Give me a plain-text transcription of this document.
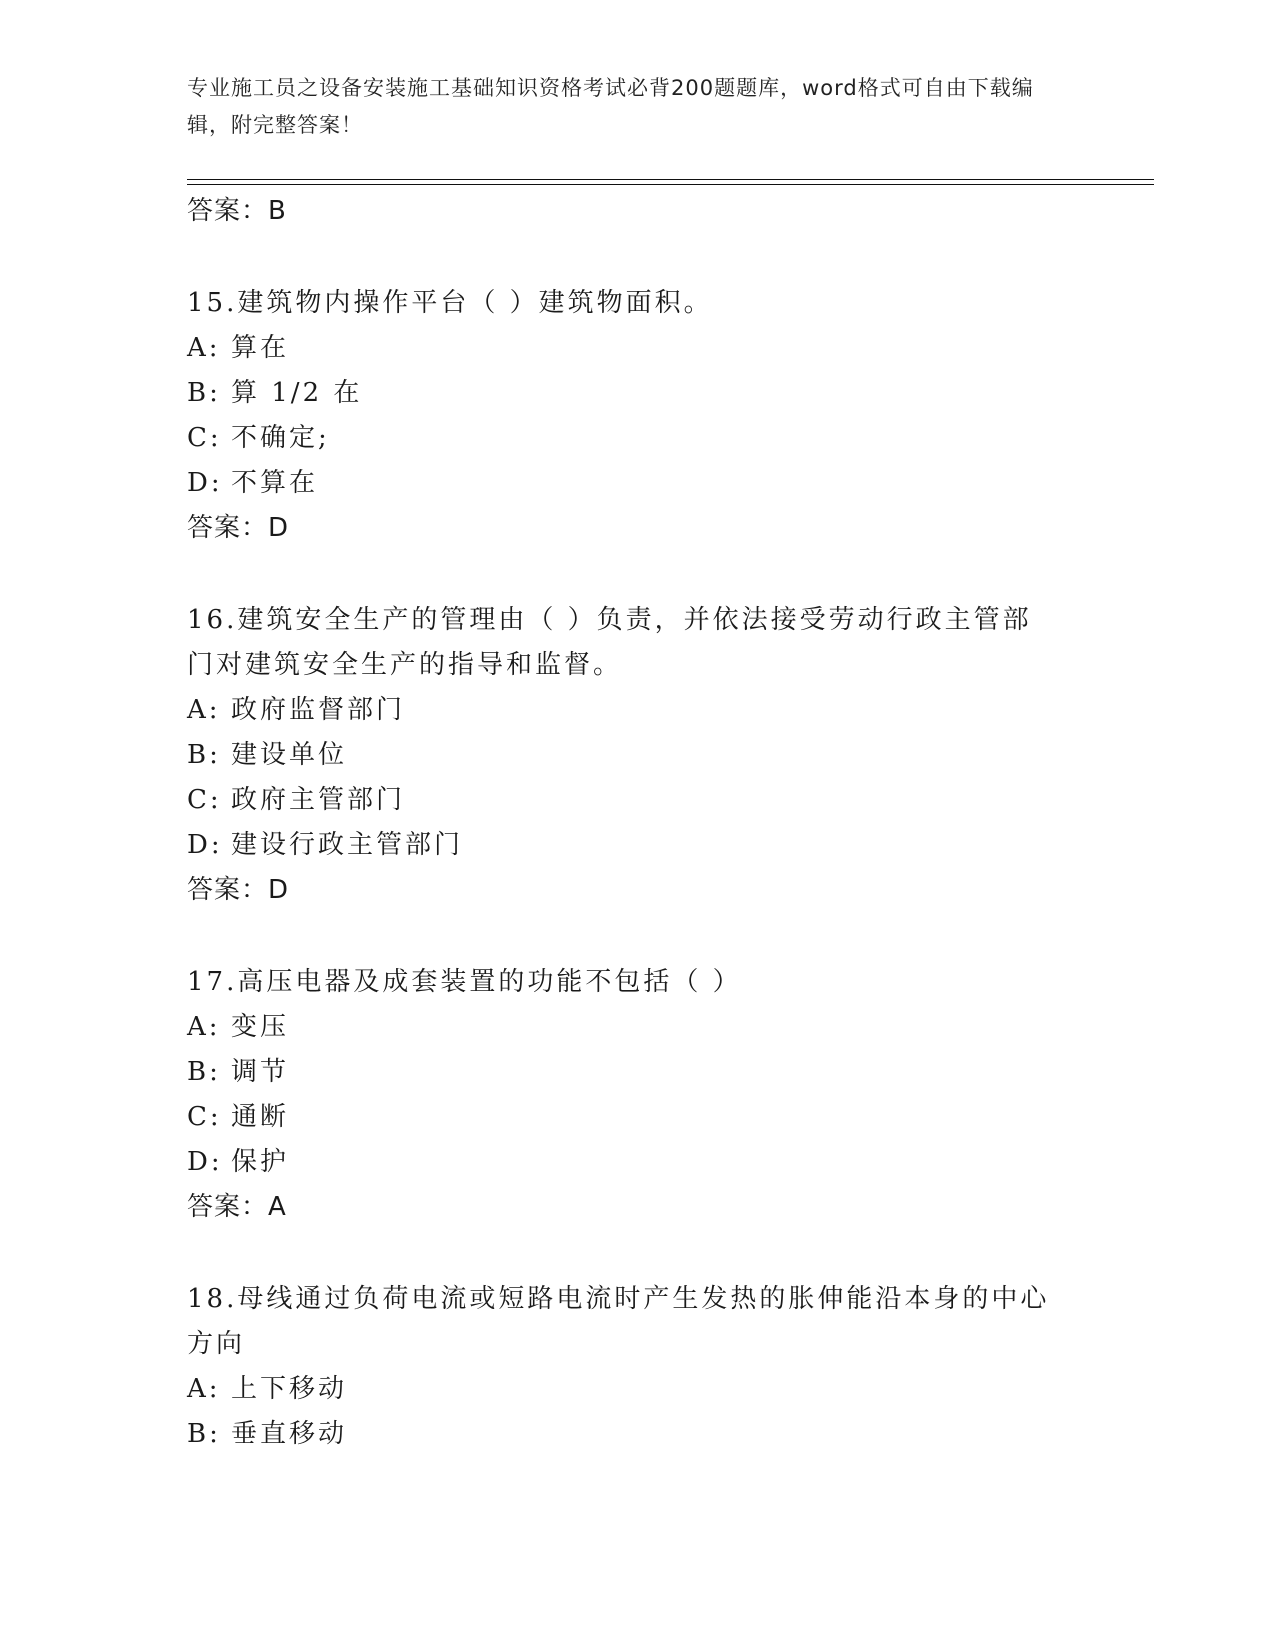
专业施工员之设备安装施工基础知识资格考试必背200题题库，word格式可自由下载编辑，附完整答案！
答案：B

15.建筑物内操作平台（ ）建筑物面积。

A: 算在
B: 算 1/2 在
C: 不确定;
D: 不算在
答案：D

16.建筑安全生产的管理由（ ）负责，并依法接受劳动行政主管部门对建筑安全生产的指导和监督。

A: 政府监督部门
B: 建设单位
C: 政府主管部门
D: 建设行政主管部门
答案：D

17.高压电器及成套装置的功能不包括（ ）

A: 变压
B: 调节
C: 通断
D: 保护
答案：A

18.母线通过负荷电流或短路电流时产生发热的胀伸能沿本身的中心方向

A: 上下移动
B: 垂直移动
